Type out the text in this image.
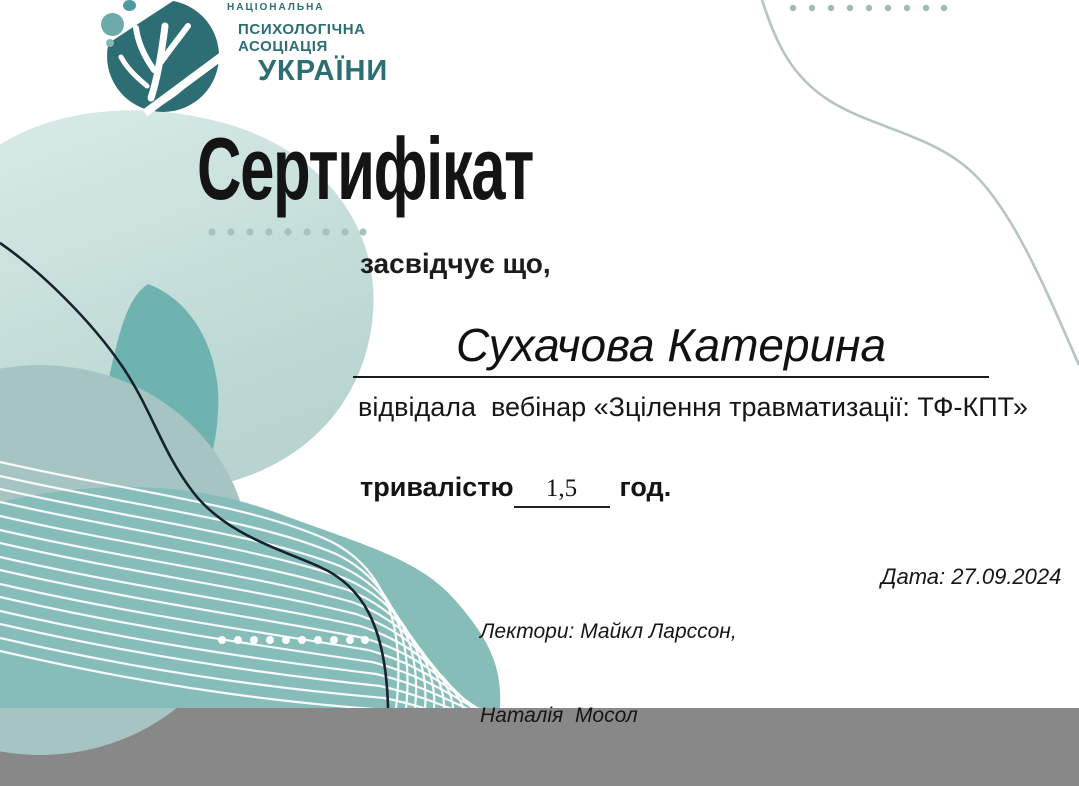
НАЦІОНАЛЬНА
ПСИХОЛОГІЧНА
АСОЦІАЦІЯ
УКРАЇНИ
Сертифікат
засвідчує що,
Сухачова Катерина
відвідала  вебінар «Зцілення травматизації: ТФ-КПТ»
тривалістю	1,5	год.

Лектори: Майкл Ларссон,

Наталія  Мосол

Дата: 27.09.2024
